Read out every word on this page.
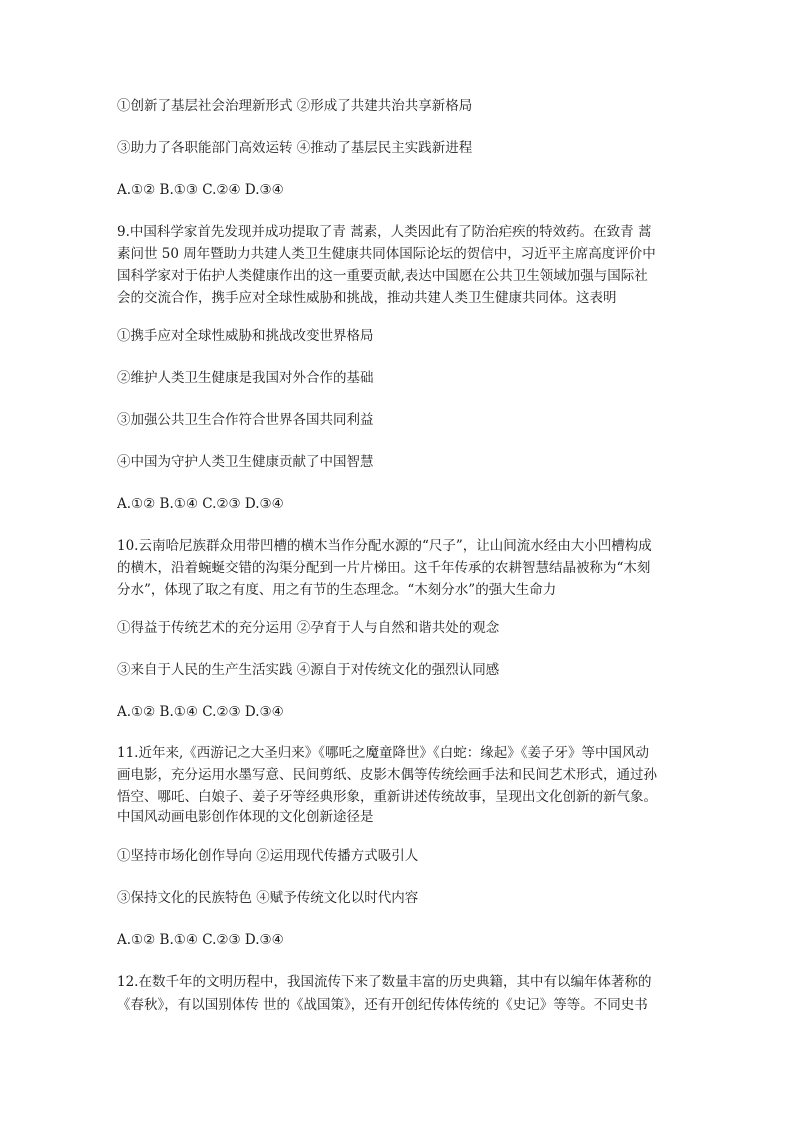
①创新了基层社会治理新形式 ②形成了共建共治共享新格局
③助力了各职能部门高效运转 ④推动了基层民主实践新进程
A.①② B.①③ C.②④ D.③④
9.中国科学家首先发现并成功提取了青 蒿素，人类因此有了防治疟疾的特效药。在致青 蒿
素问世 50 周年暨助力共建人类卫生健康共同体国际论坛的贺信中，习近平主席高度评价中
国科学家对于佑护人类健康作出的这一重要贡献,表达中国愿在公共卫生领域加强与国际社
会的交流合作，携手应对全球性威胁和挑战，推动共建人类卫生健康共同体。这表明
①携手应对全球性威胁和挑战改变世界格局
②维护人类卫生健康是我国对外合作的基础
③加强公共卫生合作符合世界各国共同利益
④中国为守护人类卫生健康贡献了中国智慧
A.①② B.①④ C.②③ D.③④
10.云南哈尼族群众用带凹槽的横木当作分配水源的“尺子”，让山间流水经由大小凹槽构成
的横木，沿着蜿蜒交错的沟渠分配到一片片梯田。这千年传承的农耕智慧结晶被称为“木刻
分水”，体现了取之有度、用之有节的生态理念。“木刻分水”的强大生命力
①得益于传统艺术的充分运用 ②孕育于人与自然和谐共处的观念
③来自于人民的生产生活实践 ④源自于对传统文化的强烈认同感
A.①② B.①④ C.②③ D.③④
11.近年来,《西游记之大圣归来》《哪吒之魔童降世》《白蛇：缘起》《姜子牙》等中国风动
画电影，充分运用水墨写意、民间剪纸、皮影木偶等传统绘画手法和民间艺术形式，通过孙
悟空、哪吒、白娘子、姜子牙等经典形象，重新讲述传统故事，呈现出文化创新的新气象。
中国风动画电影创作体现的文化创新途径是
①坚持市场化创作导向 ②运用现代传播方式吸引人
③保持文化的民族特色 ④赋予传统文化以时代内容
A.①② B.①④ C.②③ D.③④
12.在数千年的文明历程中，我国流传下来了数量丰富的历史典籍，其中有以编年体著称的
《春秋》，有以国别体传 世的《战国策》，还有开创纪传体传统的《史记》等等。不同史书
